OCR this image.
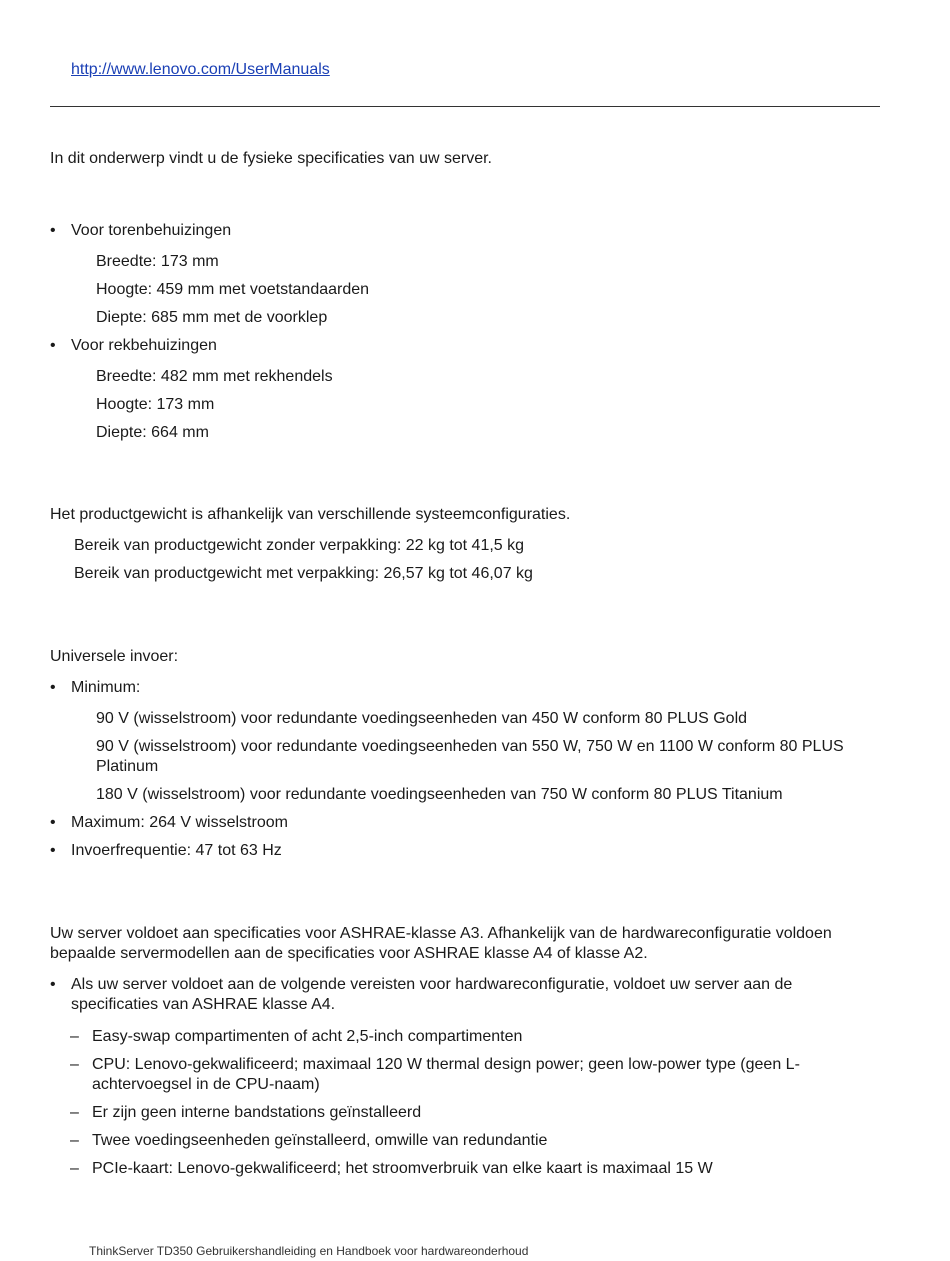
http://www.lenovo.com/UserManuals
In dit onderwerp vindt u de fysieke specificaties van uw server.
• Voor torenbehuizingen
Breedte: 173 mm
Hoogte: 459 mm met voetstandaarden
Diepte: 685 mm met de voorklep
• Voor rekbehuizingen
Breedte: 482 mm met rekhendels
Hoogte: 173 mm
Diepte: 664 mm
Het productgewicht is afhankelijk van verschillende systeemconfiguraties.
Bereik van productgewicht zonder verpakking: 22 kg tot 41,5 kg
Bereik van productgewicht met verpakking: 26,57 kg tot 46,07 kg
Universele invoer:
• Minimum:
90 V (wisselstroom) voor redundante voedingseenheden van 450 W conform 80 PLUS Gold
90 V (wisselstroom) voor redundante voedingseenheden van 550 W, 750 W en 1100 W conform 80 PLUS Platinum
180 V (wisselstroom) voor redundante voedingseenheden van 750 W conform 80 PLUS Titanium
• Maximum: 264 V wisselstroom
• Invoerfrequentie: 47 tot 63 Hz
Uw server voldoet aan specificaties voor ASHRAE-klasse A3. Afhankelijk van de hardwareconfiguratie voldoen bepaalde servermodellen aan de specificaties voor ASHRAE klasse A4 of klasse A2.
• Als uw server voldoet aan de volgende vereisten voor hardwareconfiguratie, voldoet uw server aan de specificaties van ASHRAE klasse A4.
– Easy-swap compartimenten of acht 2,5-inch compartimenten
– CPU: Lenovo-gekwalificeerd; maximaal 120 W thermal design power; geen low-power type (geen L-achtervoegsel in de CPU-naam)
– Er zijn geen interne bandstations geïnstalleerd
– Twee voedingseenheden geïnstalleerd, omwille van redundantie
– PCIe-kaart: Lenovo-gekwalificeerd; het stroomverbruik van elke kaart is maximaal 15 W
ThinkServer TD350 Gebruikershandleiding en Handboek voor hardwareonderhoud
